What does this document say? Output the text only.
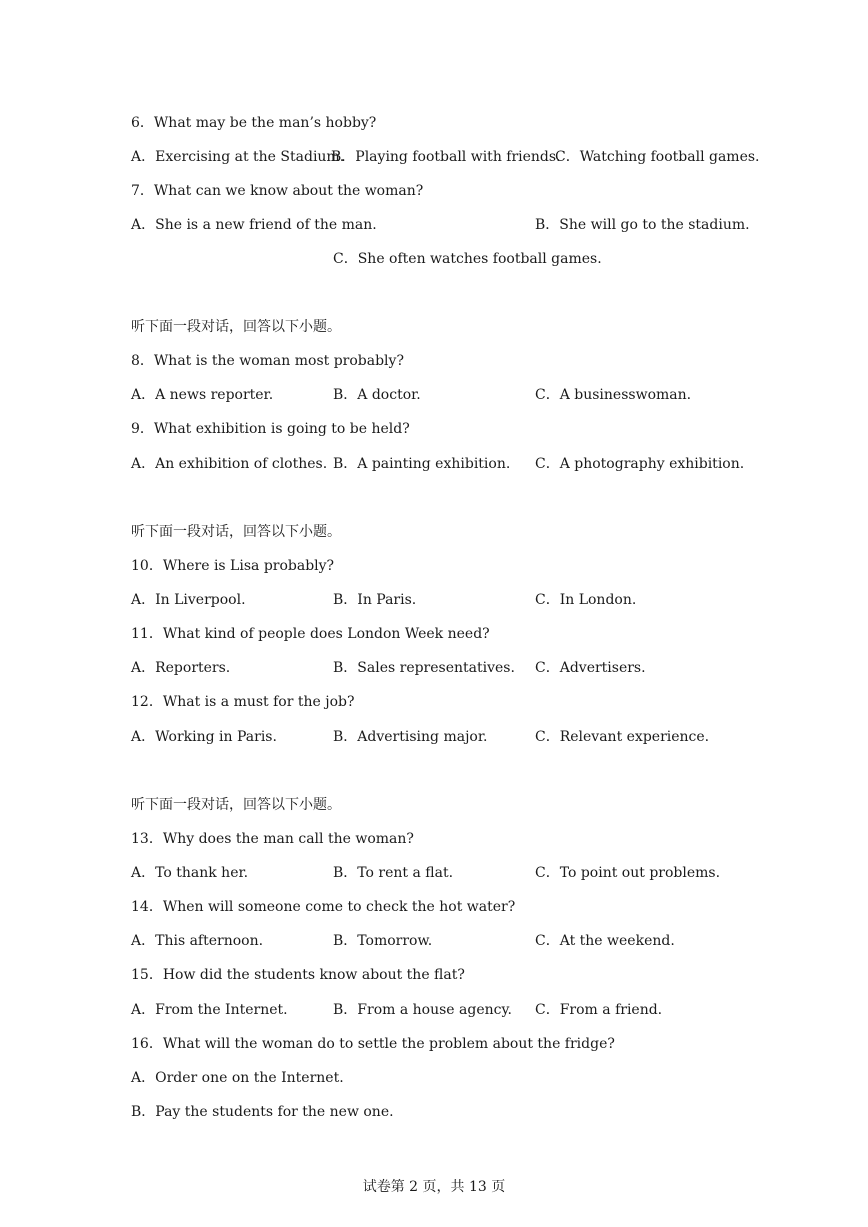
6．What may be the man’s hobby?
A．Exercising at the Stadium.
B．Playing football with friends.
C．Watching football games.
7．What can we know about the woman?
A．She is a new friend of the man.	B．She will go to the stadium.
C．She often watches football games.
听下面一段对话，回答以下小题。
8．What is the woman most probably?
A．A news reporter.	B．A doctor.	C．A businesswoman.
9．What exhibition is going to be held?
A．An exhibition of clothes. B．A painting exhibition. C．A photography exhibition.
听下面一段对话，回答以下小题。
10．Where is Lisa probably?
A．In Liverpool.	B．In Paris.	C．In London.
11．What kind of people does London Week need?
A．Reporters.	B．Sales representatives. C．Advertisers.
12．What is a must for the job?
A．Working in Paris.	B．Advertising major.	C．Relevant experience.
听下面一段对话，回答以下小题。
13．Why does the man call the woman?
A．To thank her.	B．To rent a flat.	C．To point out problems.
14．When will someone come to check the hot water?
A．This afternoon.	B．Tomorrow.	C．At the weekend.
15．How did the students know about the flat?
A．From the Internet.	B．From a house agency. C．From a friend.
16．What will the woman do to settle the problem about the fridge?
A．Order one on the Internet.
B．Pay the students for the new one.
试卷第 2 页，共 13 页
